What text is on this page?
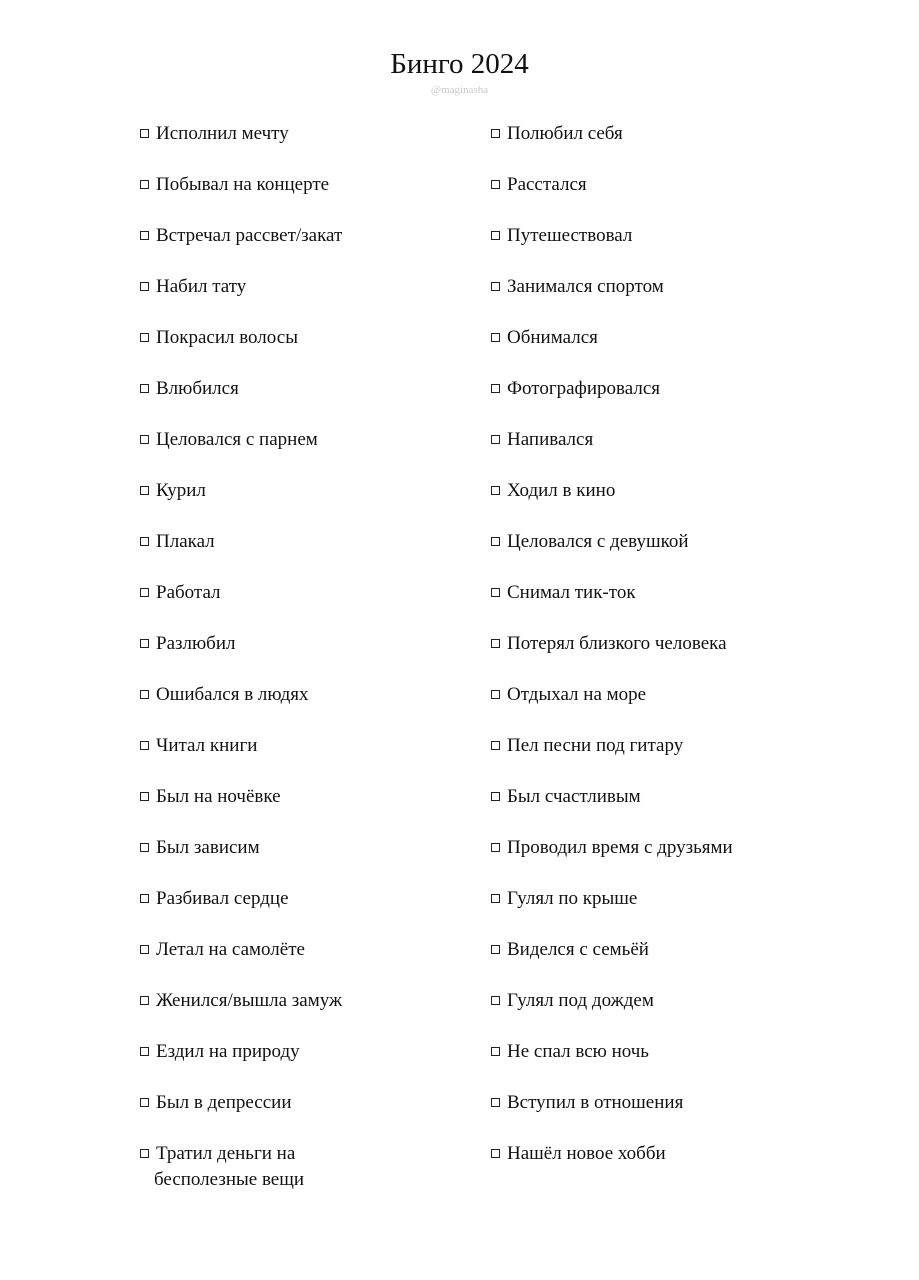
Бинго 2024
@maginasha
Исполнил мечту
Побывал на концерте
Встречал рассвет/закат
Набил тату
Покрасил волосы
Влюбился
Целовался с парнем
Курил
Плакал
Работал
Разлюбил
Ошибался в людях
Читал книги
Был на ночёвке
Был зависим
Разбивал сердце
Летал на самолёте
Женился/вышла замуж
Ездил на природу
Был в депрессии
Тратил деньги на
бесполезные вещи
Полюбил себя
Расстался
Путешествовал
Занимался спортом
Обнимался
Фотографировался
Напивался
Ходил в кино
Целовался с девушкой
Снимал тик-ток
Потерял близкого человека
Отдыхал на море
Пел песни под гитару
Был счастливым
Проводил время с друзьями
Гулял по крыше
Виделся с семьёй
Гулял под дождем
Не спал всю ночь
Вступил в отношения
Нашёл новое хобби
